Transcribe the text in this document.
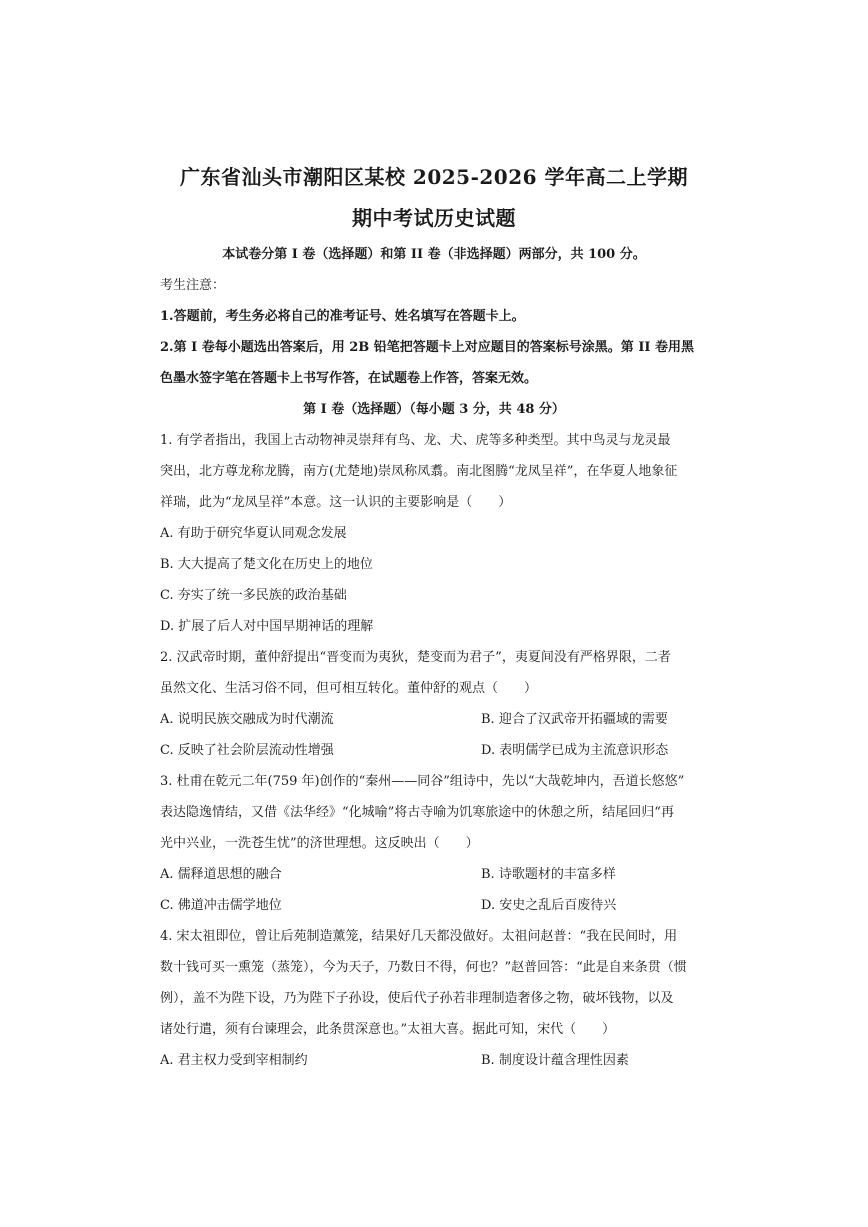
广东省汕头市潮阳区某校 2025-2026 学年高二上学期
期中考试历史试题
本试卷分第 I 卷（选择题）和第 II 卷（非选择题）两部分，共 100 分。
考生注意：
1.答题前，考生务必将自己的准考证号、姓名填写在答题卡上。
2.第 I 卷每小题选出答案后，用 2B 铅笔把答题卡上对应题目的答案标号涂黑。第 II 卷用黑
色墨水签字笔在答题卡上书写作答，在试题卷上作答，答案无效。
第 I 卷（选择题）（每小题 3 分，共 48 分）
1. 有学者指出，我国上古动物神灵崇拜有鸟、龙、犬、虎等多种类型。其中鸟灵与龙灵最
突出，北方尊龙称龙腾，南方(尤楚地)崇凤称凤翥。南北图腾“龙凤呈祥”，在华夏人地象征
祥瑞，此为“龙凤呈祥”本意。这一认识的主要影响是（　　）
A. 有助于研究华夏认同观念发展
B. 大大提高了楚文化在历史上的地位
C. 夯实了统一多民族的政治基础
D. 扩展了后人对中国早期神话的理解
2. 汉武帝时期，董仲舒提出“晋变而为夷狄，楚变而为君子”，夷夏间没有严格界限，二者
虽然文化、生活习俗不同，但可相互转化。董仲舒的观点（　　）
A. 说明民族交融成为时代潮流	B. 迎合了汉武帝开拓疆域的需要
C. 反映了社会阶层流动性增强	D. 表明儒学已成为主流意识形态
3. 杜甫在乾元二年(759 年)创作的“秦州——同谷”组诗中，先以“大哉乾坤内，吾道长悠悠”
表达隐逸情结，又借《法华经》“化城喻”将古寺喻为饥寒旅途中的休憩之所，结尾回归“再
光中兴业，一洗苍生忧”的济世理想。这反映出（　　）
A. 儒释道思想的融合	B. 诗歌题材的丰富多样
C. 佛道冲击儒学地位	D. 安史之乱后百废待兴
4. 宋太祖即位，曾让后苑制造薰笼，结果好几天都没做好。太祖问赵普：“我在民间时，用
数十钱可买一熏笼（蒸笼），今为天子，乃数日不得，何也？”赵普回答：“此是自来条贯（惯
例），盖不为陛下设，乃为陛下子孙设，使后代子孙若非理制造奢侈之物，破坏钱物，以及
诸处行遣，须有台谏理会，此条贯深意也。”太祖大喜。据此可知，宋代（　　）
A. 君主权力受到宰相制约	B. 制度设计蕴含理性因素
